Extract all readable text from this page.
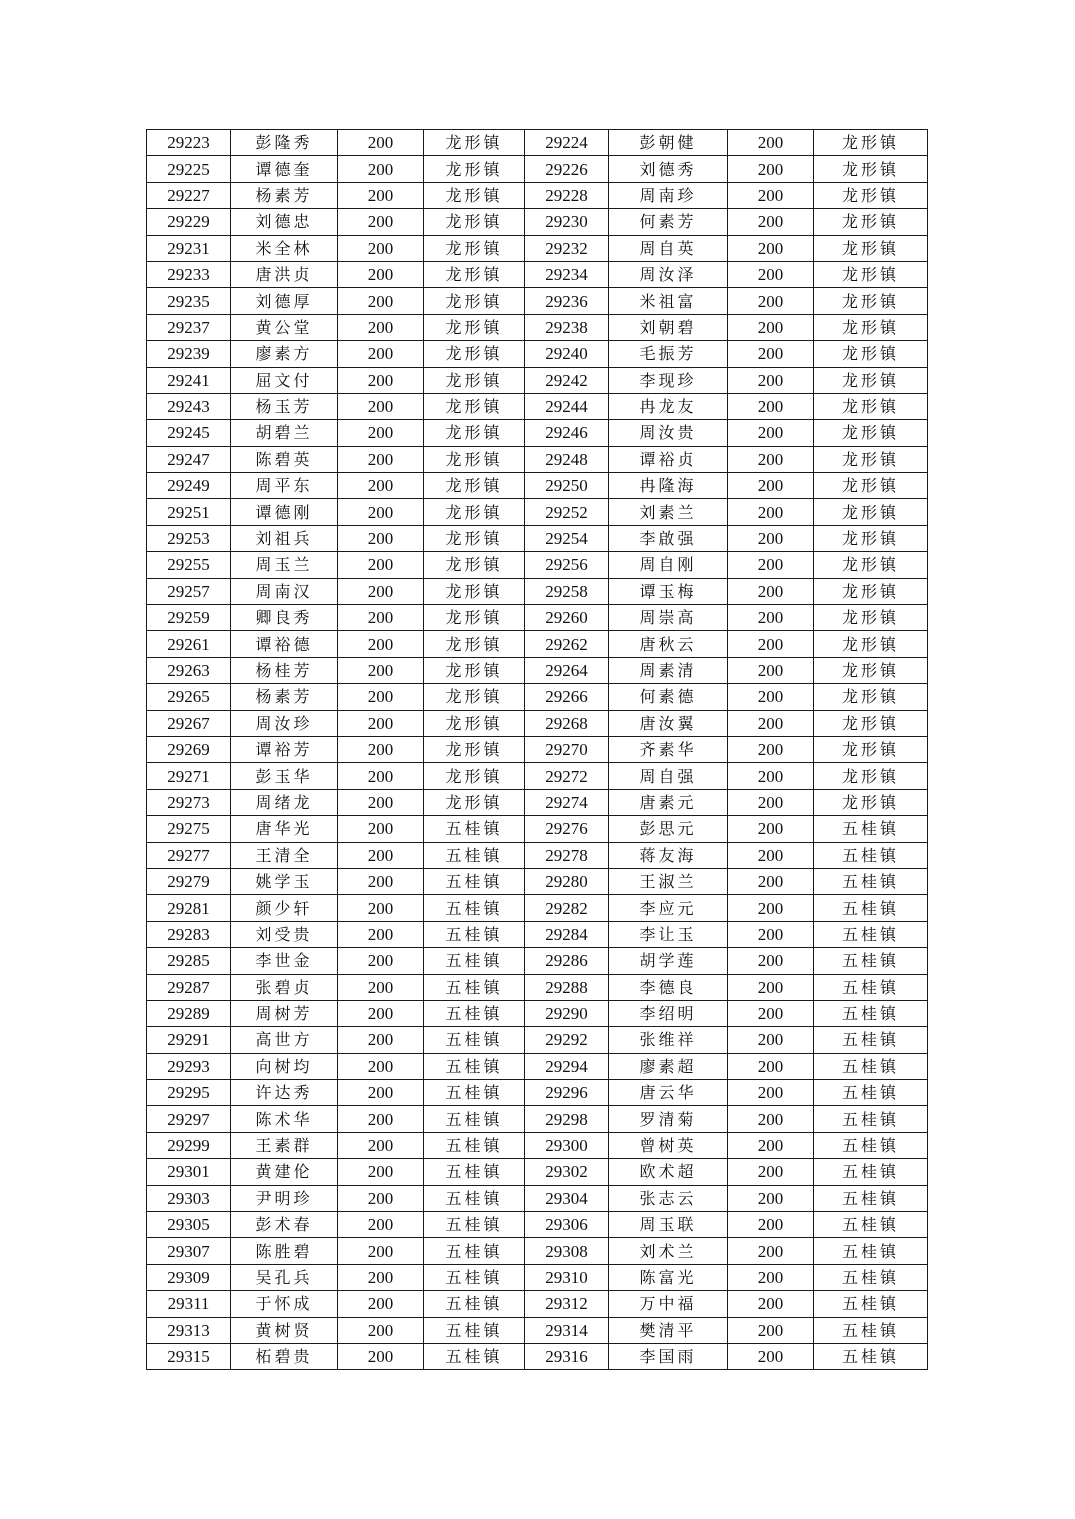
29223	彭隆秀	200	龙形镇	29224	彭朝健	200	龙形镇
29225	谭德奎	200	龙形镇	29226	刘德秀	200	龙形镇
29227	杨素芳	200	龙形镇	29228	周南珍	200	龙形镇
29229	刘德忠	200	龙形镇	29230	何素芳	200	龙形镇
29231	米全林	200	龙形镇	29232	周自英	200	龙形镇
29233	唐洪贞	200	龙形镇	29234	周汝泽	200	龙形镇
29235	刘德厚	200	龙形镇	29236	米祖富	200	龙形镇
29237	黄公堂	200	龙形镇	29238	刘朝碧	200	龙形镇
29239	廖素方	200	龙形镇	29240	毛振芳	200	龙形镇
29241	屈文付	200	龙形镇	29242	李现珍	200	龙形镇
29243	杨玉芳	200	龙形镇	29244	冉龙友	200	龙形镇
29245	胡碧兰	200	龙形镇	29246	周汝贵	200	龙形镇
29247	陈碧英	200	龙形镇	29248	谭裕贞	200	龙形镇
29249	周平东	200	龙形镇	29250	冉隆海	200	龙形镇
29251	谭德刚	200	龙形镇	29252	刘素兰	200	龙形镇
29253	刘祖兵	200	龙形镇	29254	李啟强	200	龙形镇
29255	周玉兰	200	龙形镇	29256	周自刚	200	龙形镇
29257	周南汉	200	龙形镇	29258	谭玉梅	200	龙形镇
29259	卿良秀	200	龙形镇	29260	周崇高	200	龙形镇
29261	谭裕德	200	龙形镇	29262	唐秋云	200	龙形镇
29263	杨桂芳	200	龙形镇	29264	周素清	200	龙形镇
29265	杨素芳	200	龙形镇	29266	何素德	200	龙形镇
29267	周汝珍	200	龙形镇	29268	唐汝翼	200	龙形镇
29269	谭裕芳	200	龙形镇	29270	齐素华	200	龙形镇
29271	彭玉华	200	龙形镇	29272	周自强	200	龙形镇
29273	周绪龙	200	龙形镇	29274	唐素元	200	龙形镇
29275	唐华光	200	五桂镇	29276	彭思元	200	五桂镇
29277	王清全	200	五桂镇	29278	蒋友海	200	五桂镇
29279	姚学玉	200	五桂镇	29280	王淑兰	200	五桂镇
29281	颜少轩	200	五桂镇	29282	李应元	200	五桂镇
29283	刘受贵	200	五桂镇	29284	李让玉	200	五桂镇
29285	李世金	200	五桂镇	29286	胡学莲	200	五桂镇
29287	张碧贞	200	五桂镇	29288	李德良	200	五桂镇
29289	周树芳	200	五桂镇	29290	李绍明	200	五桂镇
29291	高世方	200	五桂镇	29292	张维祥	200	五桂镇
29293	向树均	200	五桂镇	29294	廖素超	200	五桂镇
29295	许达秀	200	五桂镇	29296	唐云华	200	五桂镇
29297	陈术华	200	五桂镇	29298	罗清菊	200	五桂镇
29299	王素群	200	五桂镇	29300	曾树英	200	五桂镇
29301	黄建伦	200	五桂镇	29302	欧术超	200	五桂镇
29303	尹明珍	200	五桂镇	29304	张志云	200	五桂镇
29305	彭术春	200	五桂镇	29306	周玉联	200	五桂镇
29307	陈胜碧	200	五桂镇	29308	刘术兰	200	五桂镇
29309	吴孔兵	200	五桂镇	29310	陈富光	200	五桂镇
29311	于怀成	200	五桂镇	29312	万中福	200	五桂镇
29313	黄树贤	200	五桂镇	29314	樊清平	200	五桂镇
29315	柘碧贵	200	五桂镇	29316	李国雨	200	五桂镇
